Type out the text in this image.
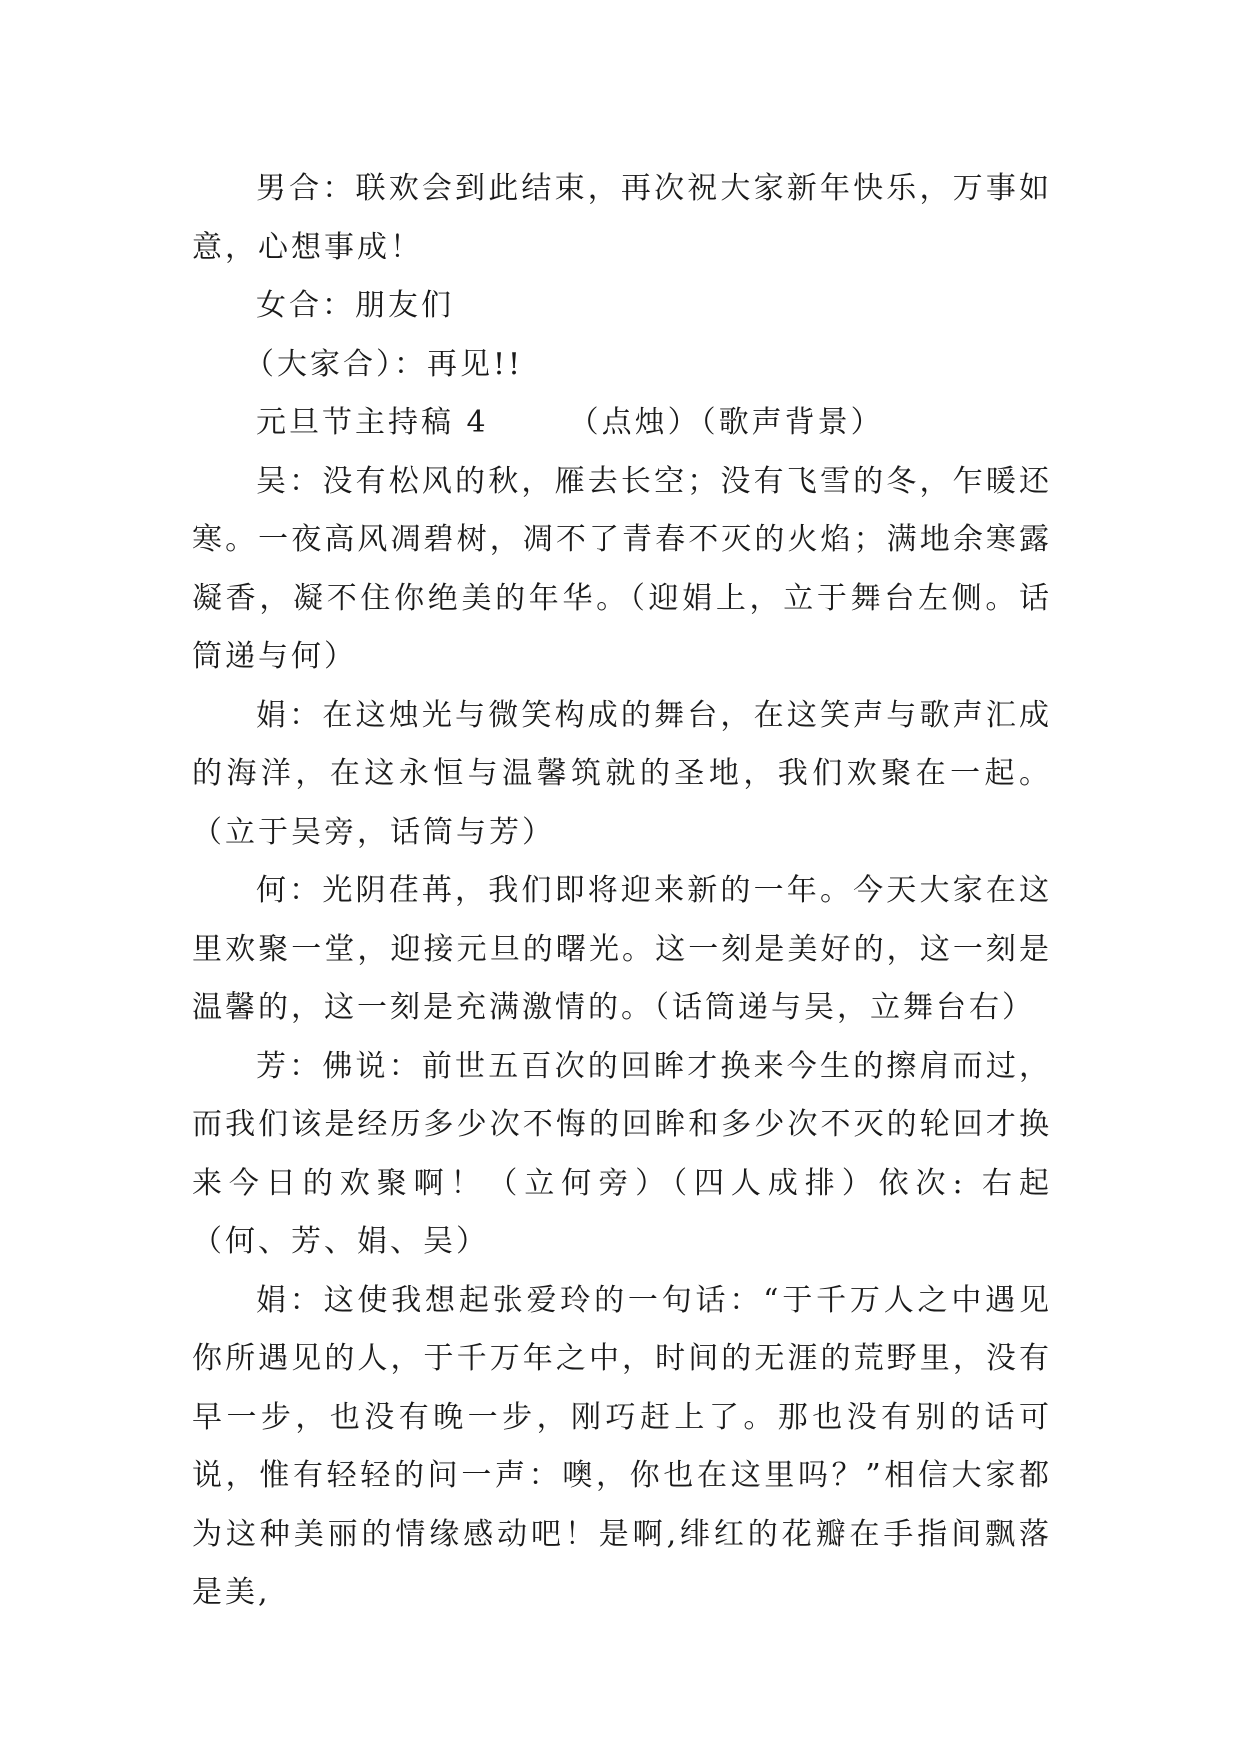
男合：联欢会到此结束，再次祝大家新年快乐，万事如意，心想事成！

女合：朋友们

（大家合）：再见!!

元旦节主持稿 4	（点烛）（歌声背景）

吴：没有松风的秋，雁去长空；没有飞雪的冬，乍暖还寒。一夜高风凋碧树，凋不了青春不灭的火焰；满地余寒露凝香，凝不住你绝美的年华。（迎娟上，立于舞台左侧。话筒递与何）

娟：在这烛光与微笑构成的舞台，在这笑声与歌声汇成的海洋，在这永恒与温馨筑就的圣地，我们欢聚在一起。（立于吴旁，话筒与芳）

何：光阴荏苒，我们即将迎来新的一年。今天大家在这里欢聚一堂，迎接元旦的曙光。这一刻是美好的，这一刻是温馨的，这一刻是充满激情的。（话筒递与吴，立舞台右）

芳：佛说：前世五百次的回眸才换来今生的擦肩而过，而我们该是经历多少次不悔的回眸和多少次不灭的轮回才换来今日的欢聚啊！（立何旁）（四人成排）依次: 右起（何、芳、娟、吴）

娟：这使我想起张爱玲的一句话：“于千万人之中遇见你所遇见的人，于千万年之中，时间的无涯的荒野里，没有早一步，也没有晚一步，刚巧赶上了。那也没有别的话可说，惟有轻轻的问一声：噢，你也在这里吗？”相信大家都为这种美丽的情缘感动吧！是啊,绯红的花瓣在手指间飘落是美,
